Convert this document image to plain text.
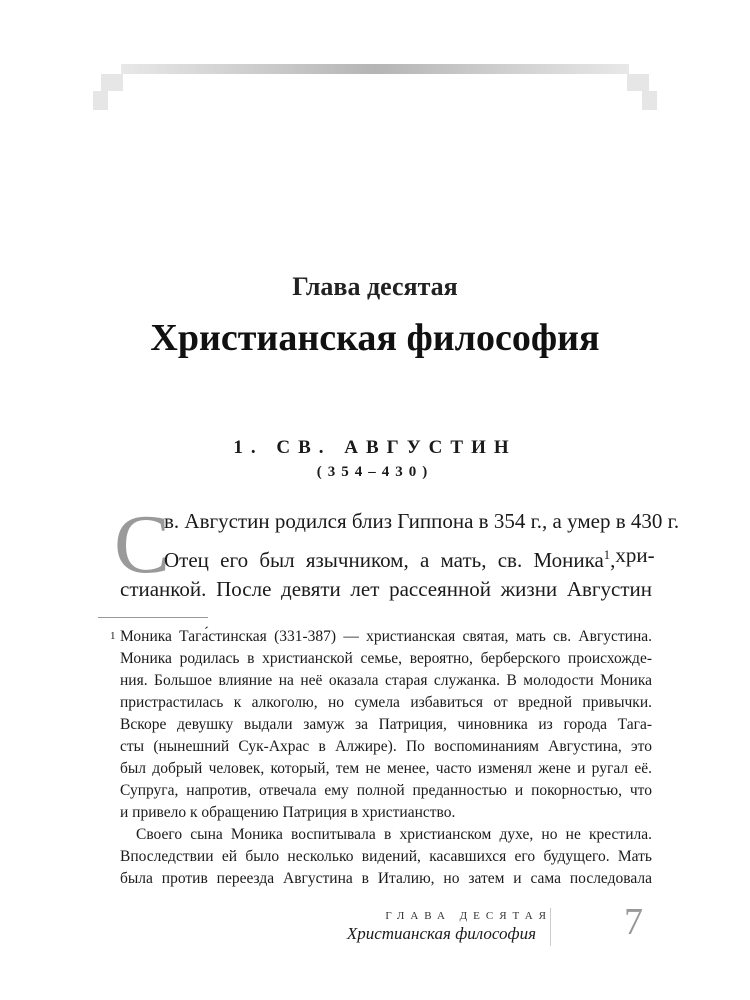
Глава десятая
Христианская философия
1. СВ. АВГУСТИН
(354–430)
С
в. Августин родился близ Гиппона в 354 г., а умер в 430 г.
Отец его был язычником, а мать, св. Моника$^1$, хри-
стианкой. После девяти лет рассеянной жизни Августин
1 Моника Тага́стинская (331-387) — христианская святая, мать св. Августина.
Моника родилась в христианской семье, вероятно, берберского происхожде-
ния. Большое влияние на неё оказала старая служанка. В молодости Моника
пристрастилась к алкоголю, но сумела избавиться от вредной привычки.
Вскоре девушку выдали замуж за Патриция, чиновника из города Тагa-
сты (нынешний Сук-Ахрас в Алжире). По воспоминаниям Августина, это
был добрый человек, который, тем не менее, часто изменял жене и ругал её.
Супруга, напротив, отвечала ему полной преданностью и покорностью, что
и привело к обращению Патриция в христианство.
Своего сына Моника воспитывала в христианском духе, но не крестила.
Впоследствии ей было несколько видений, касавшихся его будущего. Мать
была против переезда Августина в Италию, но затем и сама последовала
ГЛАВА ДЕСЯТАЯ
Христианская философия 7
